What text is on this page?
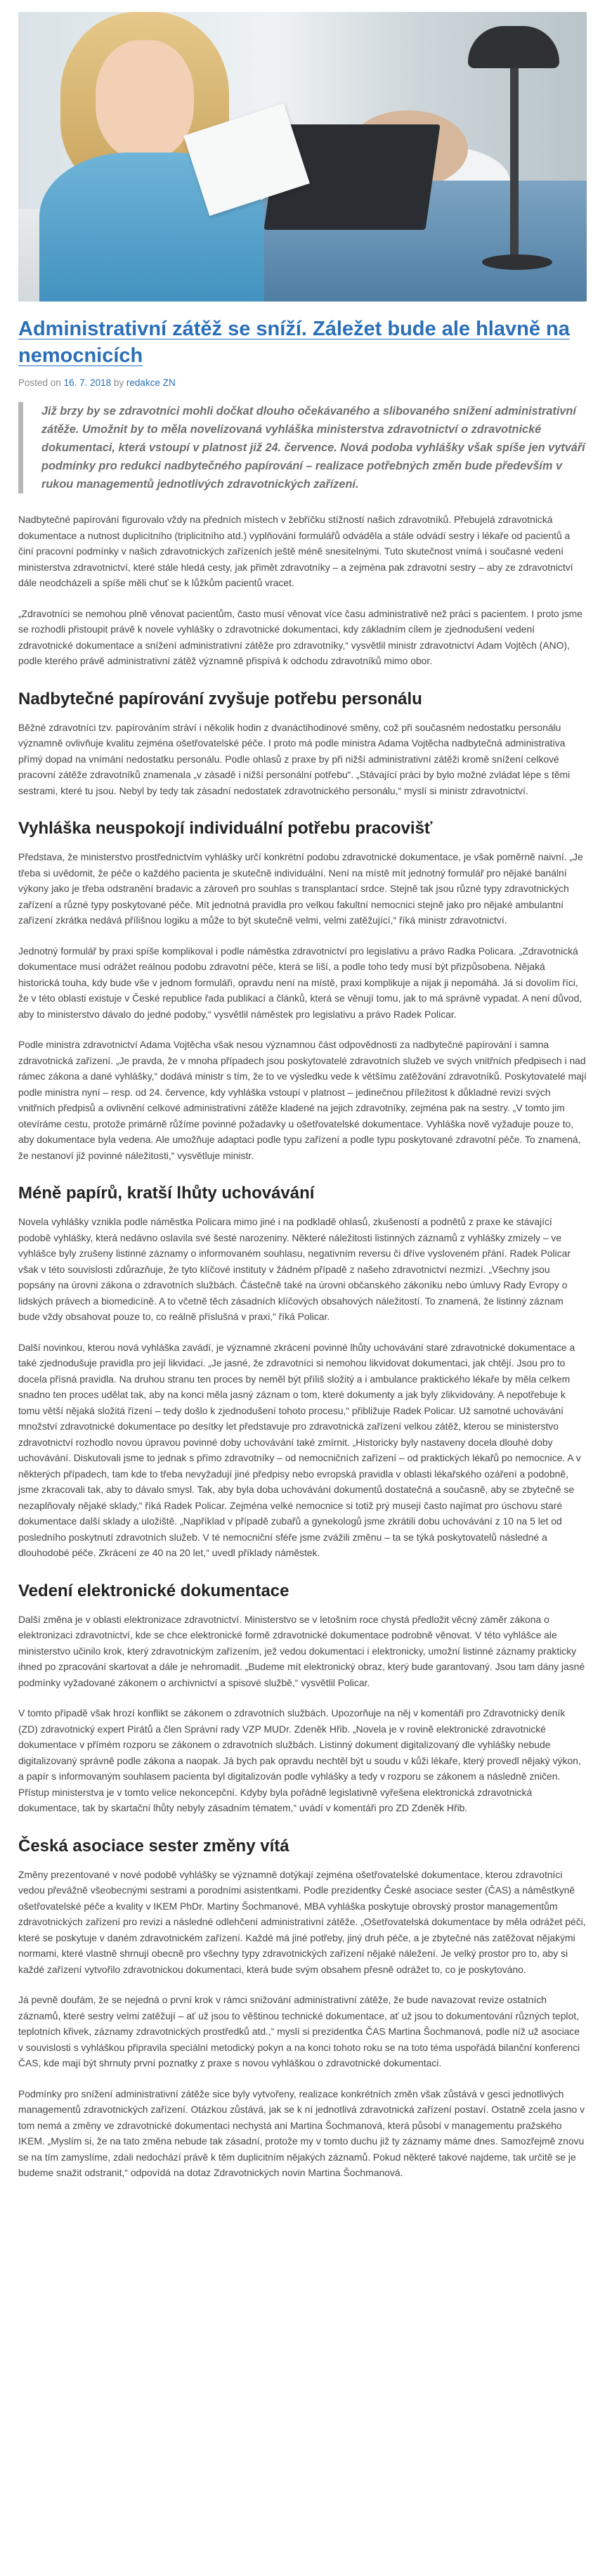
Administrativní zátěž se sníží. Záležet bude ale hlavně na nemocnicích
Posted on 16. 7. 2018 by redakce ZN
Již brzy by se zdravotníci mohli dočkat dlouho očekávaného a slibovaného snížení administrativní zátěže. Umožnit by to měla novelizovaná vyhláška ministerstva zdravotnictví o zdravotnické dokumentaci, která vstoupí v platnost již 24. července. Nová podoba vyhlášky však spíše jen vytváří podmínky pro redukci nadbytečného papírování – realizace potřebných změn bude především v rukou managementů jednotlivých zdravotnických zařízení.

Nadbytečné papírování figurovalo vždy na předních místech v žebříčku stížností našich zdravotníků. Přebujelá zdravotnická dokumentace a nutnost duplicitního (triplicitního atd.) vyplňování formulářů odváděla a stále odvádí sestry i lékaře od pacientů a činí pracovní podmínky v našich zdravotnických zařízeních ještě méně snesitelnými. Tuto skutečnost vnímá i současné vedení ministerstva zdravotnictví, které stále hledá cesty, jak přimět zdravotníky – a zejména pak zdravotní sestry – aby ze zdravotnictví dále neodcházeli a spíše měli chuť se k lůžkům pacientů vracet.

„Zdravotníci se nemohou plně věnovat pacientům, často musí věnovat více času administrativě než práci s pacientem. I proto jsme se rozhodli přistoupit právě k novele vyhlášky o zdravotnické dokumentaci, kdy základním cílem je zjednodušení vedení zdravotnické dokumentace a snížení administrativní zátěže pro zdravotníky,“ vysvětlil ministr zdravotnictví Adam Vojtěch (ANO), podle kterého právě administrativní zátěž významně přispívá k odchodu zdravotníků mimo obor.

Nadbytečné papírování zvyšuje potřebu personálu

Běžné zdravotníci tzv. papírováním stráví i několik hodin z dvanáctihodinové směny, což při současném nedostatku personálu významně ovlivňuje kvalitu zejména ošetřovatelské péče. I proto má podle ministra Adama Vojtěcha nadbytečná administrativa přímý dopad na vnímání nedostatku personálu. Podle ohlasů z praxe by při nižší administrativní zátěži kromě snížení celkové pracovní zátěže zdravotníků znamenala „v zásadě i nižší personální potřebu“. „Stávající práci by bylo možné zvládat lépe s těmi sestrami, které tu jsou. Nebyl by tedy tak zásadní nedostatek zdravotnického personálu,“ myslí si ministr zdravotnictví.

Vyhláška neuspokojí individuální potřebu pracovišť

Představa, že ministerstvo prostřednictvím vyhlášky určí konkrétní podobu zdravotnické dokumentace, je však poměrně naivní. „Je třeba si uvědomit, že péče o každého pacienta je skutečně individuální. Není na místě mít jednotný formulář pro nějaké banální výkony jako je třeba odstranění bradavic a zároveň pro souhlas s transplantací srdce. Stejně tak jsou různé typy zdravotnických zařízení a různé typy poskytované péče. Mít jednotná pravidla pro velkou fakultní nemocnici stejně jako pro nějaké ambulantní zařízení zkrátka nedává přílišnou logiku a může to být skutečně velmi, velmi zatěžující,“ říká ministr zdravotnictví.

Jednotný formulář by praxi spíše komplikoval i podle náměstka zdravotnictví pro legislativu a právo Radka Policara. „Zdravotnická dokumentace musí odrážet reálnou podobu zdravotní péče, která se liší, a podle toho tedy musí být přizpůsobena. Nějaká historická touha, kdy bude vše v jednom formuláři, opravdu není na místě, praxi komplikuje a nijak ji nepomáhá. Já si dovolím říci, že v této oblasti existuje v České republice řada publikací a článků, která se věnují tomu, jak to má správně vypadat. A není důvod, aby to ministerstvo dávalo do jedné podoby,“ vysvětlil náměstek pro legislativu a právo Radek Policar.

Podle ministra zdravotnictví Adama Vojtěcha však nesou významnou část odpovědnosti za nadbytečné papírování i samna zdravotnická zařízení. „Je pravda, že v mnoha případech jsou poskytovatelé zdravotních služeb ve svých vnitřních předpisech i nad rámec zákona a dané vyhlášky,“ dodává ministr s tím, že to ve výsledku vede k většímu zatěžování zdravotníků. Poskytovatelé mají podle ministra nyní – resp. od 24. července, kdy vyhláška vstoupí v platnost – jedinečnou příležitost k důkladné revizi svých vnitřních předpisů a ovlivnění celkové administrativní zátěže kladené na jejich zdravotníky, zejména pak na sestry. „V tomto jim otevíráme cestu, protože primárně růžíme povinné požadavky u ošetřovatelské dokumentace. Vyhláška nově vyžaduje pouze to, aby dokumentace byla vedena. Ale umožňuje adaptaci podle typu zařízení a podle typu poskytované zdravotní péče. To znamená, že nestanoví již povinné náležitosti,“ vysvětluje ministr.

Méně papírů, kratší lhůty uchovávání

Novela vyhlášky vznikla podle náměstka Policara mimo jiné i na podkladě ohlasů, zkušeností a podnětů z praxe ke stávající podobě vyhlášky, která nedávno oslavila své šesté narozeniny. Některé náležitosti listinných záznamů z vyhlášky zmizely – ve vyhlášce byly zrušeny listinné záznamy o informovaném souhlasu, negativním reversu či dříve vysloveném přání. Radek Policar však v této souvislosti zdůrazňuje, že tyto klíčové instituty v žádném případě z našeho zdravotnictví nezmizí. „Všechny jsou popsány na úrovni zákona o zdravotních službách. Částečně také na úrovni občanského zákoníku nebo úmluvy Rady Evropy o lidských právech a biomedicíně. A to včetně těch zásadních klíčových obsahových náležitostí. To znamená, že listinný záznam bude vždy obsahovat pouze to, co reálně příslušná v praxi,“ říká Policar.

Další novinkou, kterou nová vyhláška zavádí, je významné zkrácení povinné lhůty uchovávání staré zdravotnické dokumentace a také zjednodušuje pravidla pro její likvidaci. „Je jasné, že zdravotníci si nemohou likvidovat dokumentaci, jak chtějí. Jsou pro to docela přísná pravidla. Na druhou stranu ten proces by neměl být příliš složitý a i ambulance praktického lékaře by měla celkem snadno ten proces udělat tak, aby na konci měla jasný záznam o tom, které dokumenty a jak byly zlikvidovány. A nepotřebuje k tomu větší nějaká složitá řízení – tedy došlo k zjednodušení tohoto procesu,“ přibližuje Radek Policar. Už samotné uchovávání množství zdravotnické dokumentace po desítky let představuje pro zdravotnická zařízení velkou zátěž, kterou se ministerstvo zdravotnictví rozhodlo novou úpravou povinné doby uchovávání také zmírnit. „Historicky byly nastaveny docela dlouhé doby uchovávání. Diskutovali jsme to jednak s přímo zdravotníky – od nemocničních zařízení – od praktických lékařů po nemocnice. A v některých případech, tam kde to třeba nevyžadují jiné předpisy nebo evropská pravidla v oblasti lékařského ozáření a podobně, jsme zkracovali tak, aby to dávalo smysl. Tak, aby byla doba uchovávání dokumentů dostatečná a současně, aby se zbytečně se nezaplňovaly nějaké sklady,“ říká Radek Policar. Zejména velké nemocnice si totiž prý musejí často najímat pro úschovu staré dokumentace další sklady a uložiště. „Například v případě zubařů a gynekologů jsme zkrátili dobu uchovávání z 10 na 5 let od posledního poskytnutí zdravotních služeb. V té nemocniční sféře jsme zvážili změnu – ta se týká poskytovatelů následné a dlouhodobé péče. Zkrácení ze 40 na 20 let,“ uvedl příklady náměstek.

Vedení elektronické dokumentace

Další změna je v oblasti elektronizace zdravotnictví. Ministerstvo se v letošním roce chystá předložit věcný záměr zákona o elektronizaci zdravotnictví, kde se chce elektronické formě zdravotnické dokumentace podrobně věnovat. V této vyhlášce ale ministerstvo učinilo krok, který zdravotnickým zařízením, jež vedou dokumentaci i elektronicky, umožní listinné záznamy prakticky ihned po zpracování skartovat a dále je nehromadit. „Budeme mít elektronický obraz, který bude garantovaný. Jsou tam dány jasné podmínky vyžadované zákonem o archivnictví a spisové službě,“ vysvětlil Policar.

V tomto případě však hrozí konflikt se zákonem o zdravotních službách. Upozorňuje na něj v komentáři pro Zdravotnický deník (ZD) zdravotnický expert Pirátů a člen Správní rady VZP MUDr. Zdeněk Hřib. „Novela je v rovině elektronické zdravotnické dokumentace v přímém rozporu se zákonem o zdravotních službách. Listinný dokument digitalizovaný dle vyhlášky nebude digitalizovaný správně podle zákona a naopak. Já bych pak opravdu nechtěl být u soudu v kůži lékaře, který provedl nějaký výkon, a papír s informovaným souhlasem pacienta byl digitalizován podle vyhlášky a tedy v rozporu se zákonem a následně zničen. Přístup ministerstva je v tomto velice nekoncepční. Kdyby byla pořádně legislativně vyřešena elektronická zdravotnická dokumentace, tak by skartační lhůty nebyly zásadním tématem,“ uvádí v komentáři pro ZD Zdeněk Hřib.

Česká asociace sester změny vítá

Změny prezentované v nové podobě vyhlášky se významně dotýkají zejména ošetřovatelské dokumentace, kterou zdravotníci vedou převážně všeobecnými sestrami a porodními asistentkami. Podle prezidentky České asociace sester (ČAS) a náměstkyně ošetřovatelské péče a kvality v IKEM PhDr. Martiny Šochmanové, MBA vyhláška poskytuje obrovský prostor managementům zdravotnických zařízení pro revizi a následné odlehčení administrativní zátěže. „Ošetřovatelská dokumentace by měla odrážet péči, které se poskytuje v daném zdravotnickém zařízení. Každé má jiné potřeby, jiný druh péče, a je zbytečné nás zatěžovat nějakými normami, které vlastně shrnují obecně pro všechny typy zdravotnických zařízení nějaké náležení. Je velký prostor pro to, aby si každé zařízení vytvořilo zdravotnickou dokumentaci, která bude svým obsahem přesně odrážet to, co je poskytováno.

Já pevně doufám, že se nejedná o první krok v rámci snižování administrativní zátěže, že bude navazovat revize ostatních záznamů, které sestry velmi zatěžují – ať už jsou to věštinou technické dokumentace, ať už jsou to dokumentování různých teplot, teplotních křivek, záznamy zdravotnických prostředků atd.,“ myslí si prezidentka ČAS Martina Šochmanová, podle níž už asociace v souvislosti s vyhláškou připravila speciální metodický pokyn a na konci tohoto roku se na toto téma uspořádá bilanční konferenci ČAS, kde mají být shrnuty první poznatky z praxe s novou vyhláškou o zdravotnické dokumentaci.

Podmínky pro snížení administrativní zátěže sice byly vytvořeny, realizace konkrétních změn však zůstává v gesci jednotlivých managementů zdravotnických zařízení. Otázkou zůstává, jak se k ní jednotlivá zdravotnická zařízení postaví. Ostatně zcela jasno v tom nemá a změny ve zdravotnické dokumentaci nechystá ani Martina Šochmanová, která působí v managementu pražského IKEM. „Myslím si, že na tato změna nebude tak zásadní, protože my v tomto duchu již ty záznamy máme dnes. Samozřejmě znovu se na tím zamyslíme, zdali nedochází právě k těm duplicitním nějakých záznamů. Pokud některé takové najdeme, tak určitě se je budeme snažit odstranit,“ odpovídá na dotaz Zdravotnických novin Martina Šochmanová.
